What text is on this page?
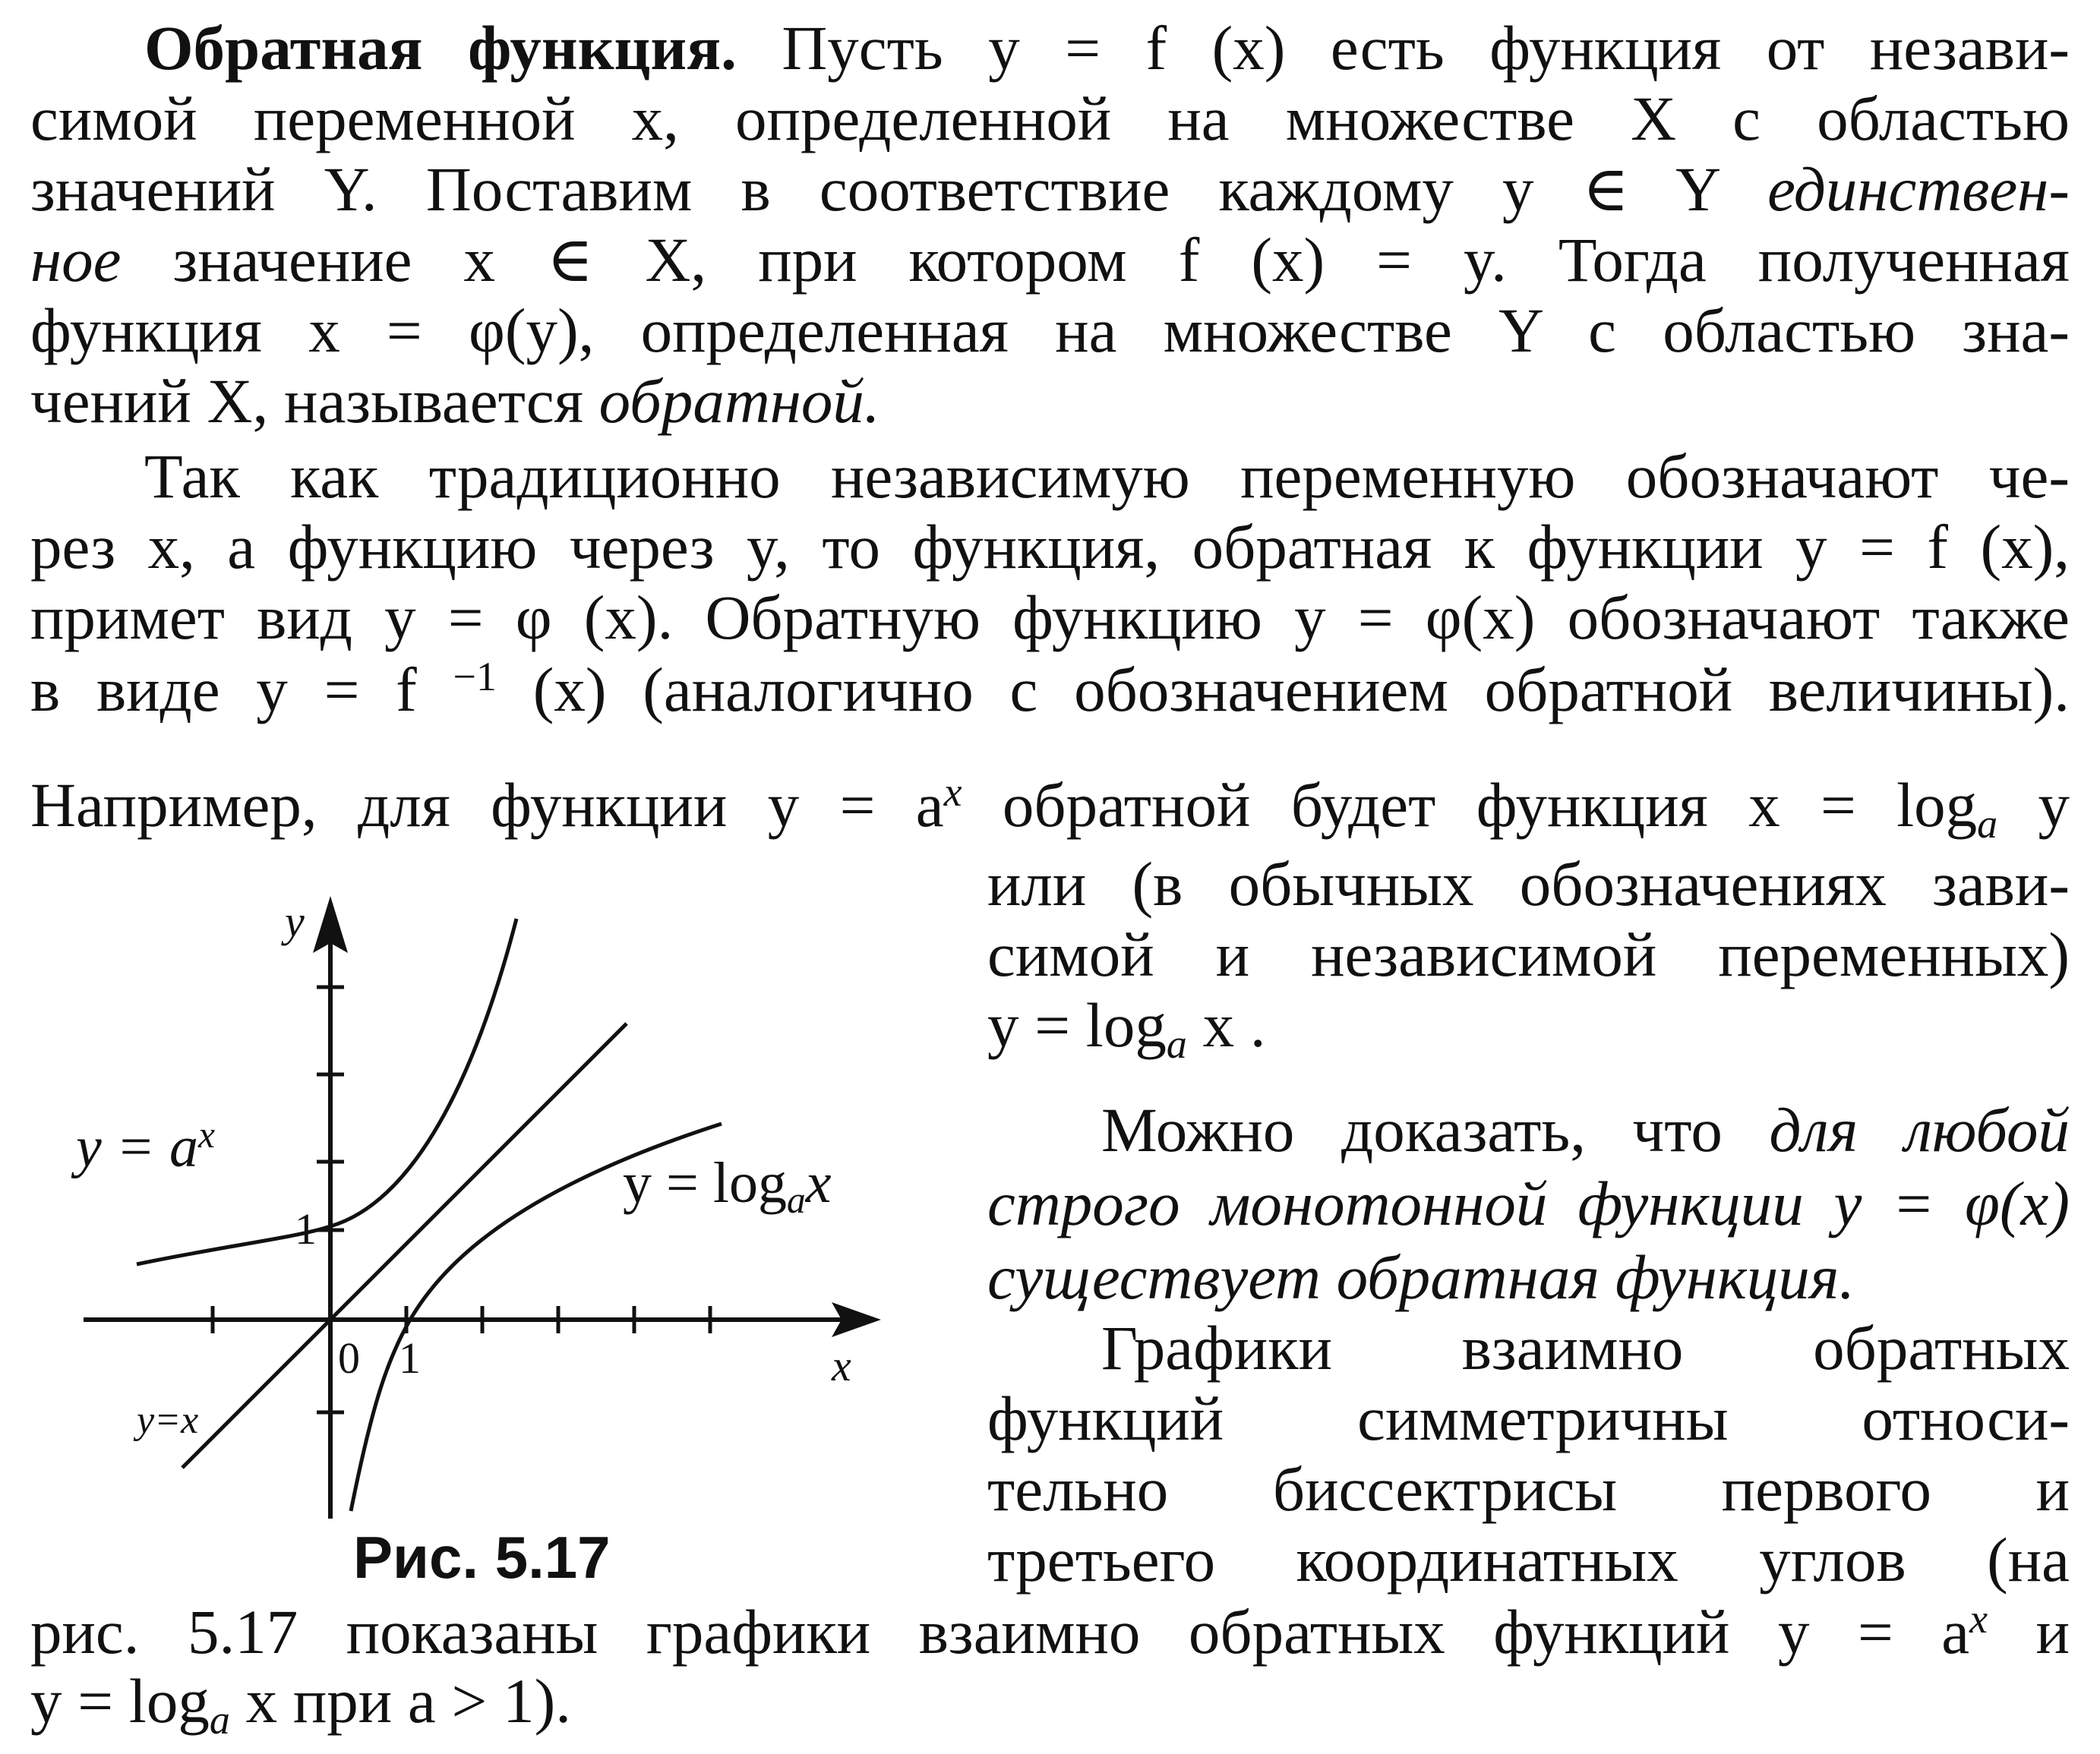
Обратная функция. Пусть y = f (x) есть функция от незави-
симой переменной x, определенной на множестве X с областью
значений Y. Поставим в соответствие каждому y ∈ Y единствен-
ное значение x ∈ X, при котором f (x) = y. Тогда полученная
функция x = φ(y), определенная на множестве Y с областью зна-
чений X, называется обратной.
Так как традиционно независимую переменную обозначают че-
рез x, а функцию через y, то функция, обратная к функции y = f (x),
примет вид y = φ (x). Обратную функцию y = φ(x) обозначают также
в виде y = f $^{-1}$ (x) (аналогично с обозначением обратной величины).
Например, для функции $y = a^x$ обратной будет функция $x = \log_a y$
или (в обычных обозначениях зави-
симой и независимой переменных)
$y = \log_a x$ .
Можно доказать, что для любой
строго монотонной функции y = φ(x)
существует обратная функция.
Графики взаимно обратных
функций симметричны относи-
тельно биссектрисы первого и
третьего координатных углов (на
рис. 5.17 показаны графики взаимно обратных функций $y = a^x$ и
$y = \log_a x$ при a > 1).
$y = a^x$
$y = \log_ax$
y=x
x
y
0 1
1
Рис. 5.17
